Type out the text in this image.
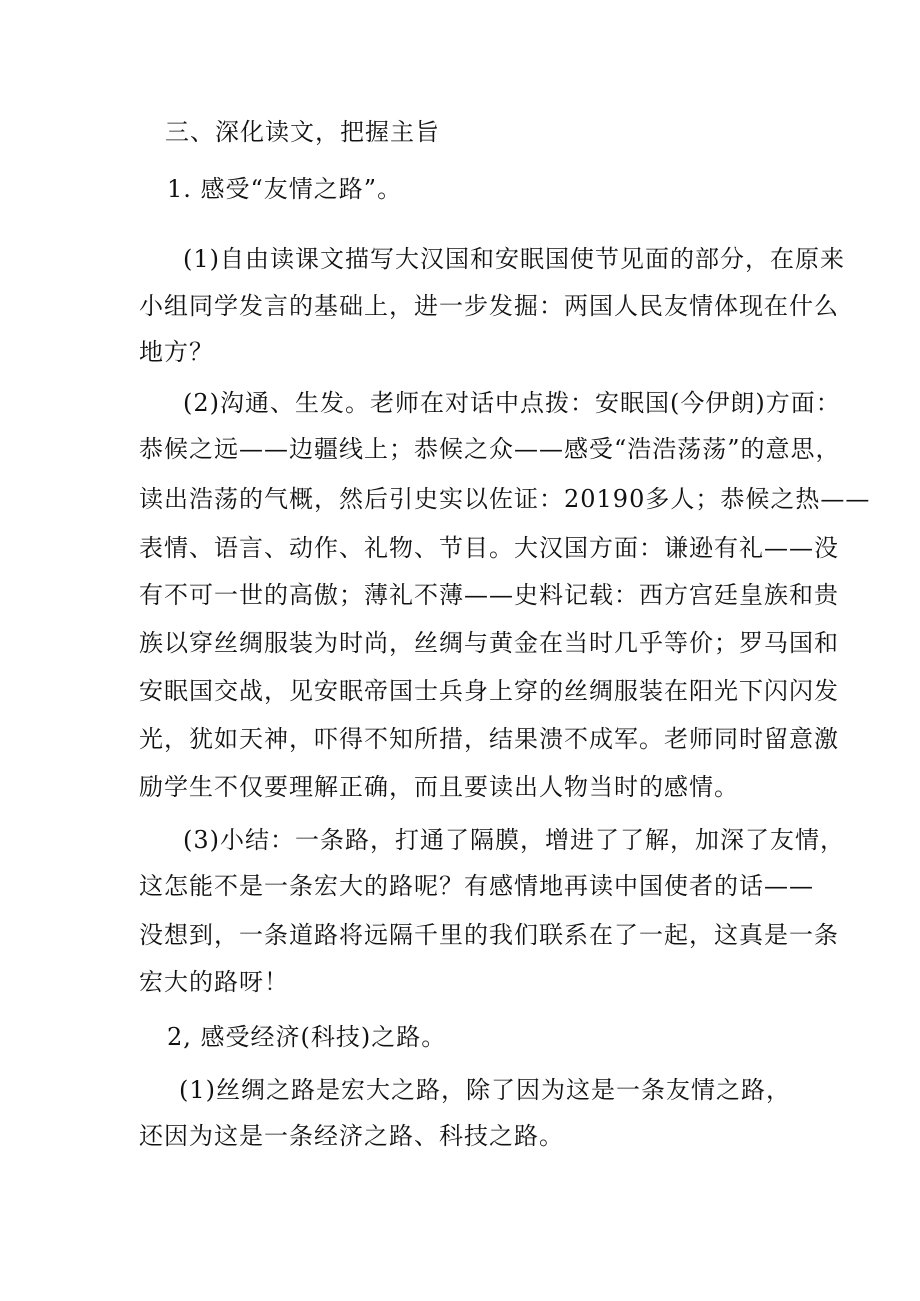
三、深化读文，把握主旨
1. 感受“友情之路”。
(1)自由读课文描写大汉国和安眠国使节见面的部分，在原来
小组同学发言的基础上，进一步发掘：两国人民友情体现在什么
地方？
(2)沟通、生发。老师在对话中点拨：安眠国(今伊朗)方面：
恭候之远——边疆线上；恭候之众——感受“浩浩荡荡”的意思，
读出浩荡的气概，然后引史实以佐证：20190多人；恭候之热——
表情、语言、动作、礼物、节目。大汉国方面：谦逊有礼——没
有不可一世的高傲；薄礼不薄——史料记载：西方宫廷皇族和贵
族以穿丝绸服装为时尚，丝绸与黄金在当时几乎等价；罗马国和
安眠国交战，见安眠帝国士兵身上穿的丝绸服装在阳光下闪闪发
光，犹如天神，吓得不知所措，结果溃不成军。老师同时留意激
励学生不仅要理解正确，而且要读出人物当时的感情。
(3)小结：一条路，打通了隔膜，增进了了解，加深了友情，
这怎能不是一条宏大的路呢？有感情地再读中国使者的话——
没想到，一条道路将远隔千里的我们联系在了一起，这真是一条
宏大的路呀！
2, 感受经济(科技)之路。
(1)丝绸之路是宏大之路，除了因为这是一条友情之路，
还因为这是一条经济之路、科技之路。
